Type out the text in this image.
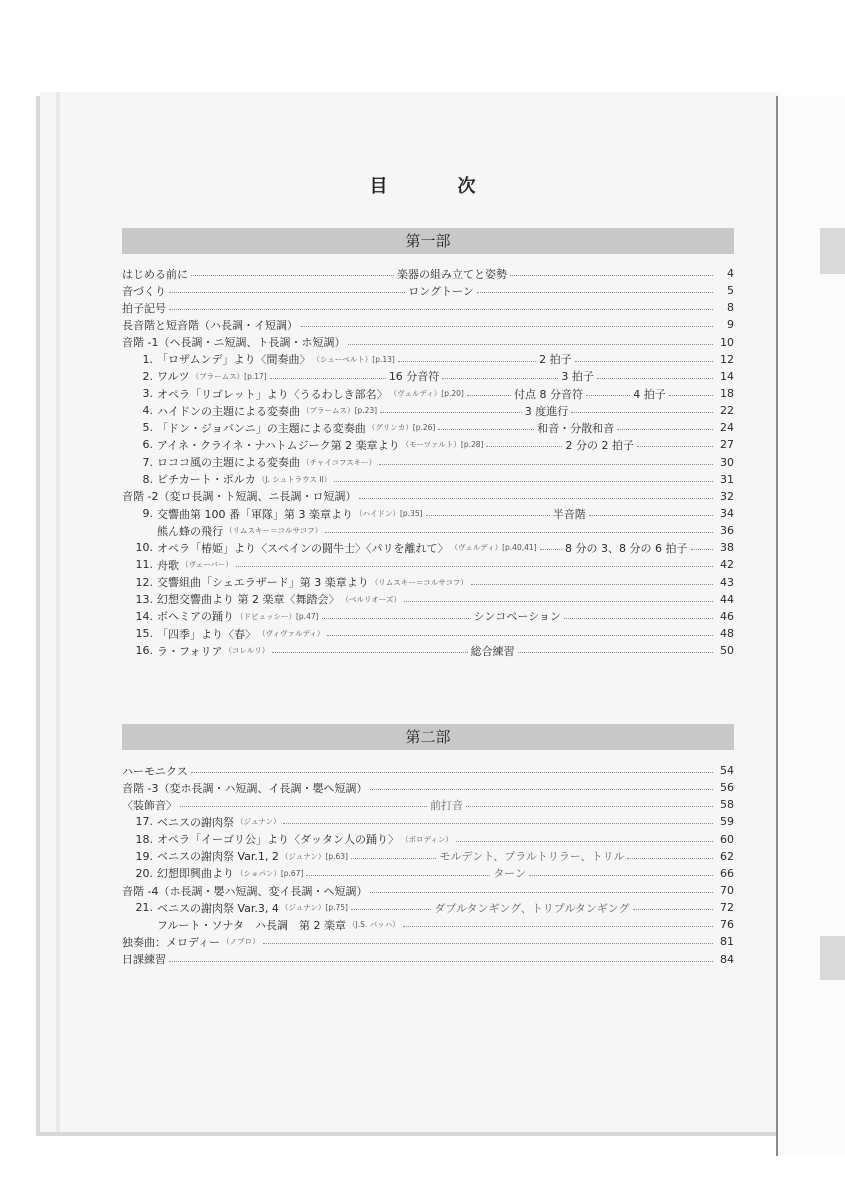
目　次
第一部
はじめる前に	楽器の組み立てと姿勢	4
音づくり	ロングトーン	5
拍子記号	8
長音階と短音階（ハ長調・イ短調）	9
音階 -1（ヘ長調・ニ短調、ト長調・ホ短調）	10
1. 「ロザムンデ」より〈間奏曲〉 （シューベルト）[p.13]	2 拍子	12
2. ワルツ （ブラームス）[p.17]	16 分音符	3 拍子	14
3. オペラ「リゴレット」より〈うるわしき部名〉 （ヴェルディ）[p.20]	付点 8 分音符	4 拍子	18
4. ハイドンの主題による変奏曲 （ブラームス）[p.23]	3 度進行	22
5. 「ドン・ジョバンニ」の主題による変奏曲 （グリンカ）[p.26]	和音・分散和音	24
6. アイネ・クライネ・ナハトムジーク第 2 楽章より （モーツァルト）[p.28]	2 分の 2 拍子	27
7. ロココ風の主題による変奏曲 （チャイコフスキー）	30
8. ピチカート・ポルカ （J. シュトラウス II）	31
音階 -2（変ロ長調・ト短調、ニ長調・ロ短調）	32
9. 交響曲第 100 番「軍隊」第 3 楽章より （ハイドン）[p.35]	半音階	34
熊ん蜂の飛行 （リムスキー＝コルサコフ）	36
10. オペラ「椿姫」より〈スペインの闘牛士〉〈パリを離れて〉 （ヴェルディ）[p.40,41]	8 分の 3、8 分の 6 拍子	38
11. 舟歌 （ヴェーバー）	42
12. 交響組曲「シェエラザード」第 3 楽章より （リムスキー＝コルサコフ）	43
13. 幻想交響曲より 第 2 楽章〈舞踏会〉 （ベルリオーズ）	44
14. ボヘミアの踊り （ドビュッシー）[p.47]	シンコペーション	46
15. 「四季」より〈春〉 （ヴィヴァルディ）	48
16. ラ・フォリア （コレルリ）	総合練習	50
第二部
ハーモニクス	54
音階 -3（変ホ長調・ハ短調、イ長調・嬰ヘ短調）	56
〈装飾音〉	前打音	58
17. ベニスの謝肉祭 （ジュナン）	59
18. オペラ「イーゴリ公」より〈ダッタン人の踊り〉 （ボロディン）	60
19. ベニスの謝肉祭 Var.1, 2 （ジュナン）[p.63]	モルデント、プラルトリラー、トリル	62
20. 幻想即興曲より （ショパン）[p.67]	ターン	66
音階 -4（ホ長調・嬰ハ短調、変イ長調・ヘ短調）	70
21. ベニスの謝肉祭 Var.3, 4 （ジュナン）[p.75]	ダブルタンギング、トリプルタンギング	72
フルート・ソナタ　ハ長調　第 2 楽章 （J.S. バッハ）	76
独奏曲：メロディー （ノブロ）	81
日課練習	84
